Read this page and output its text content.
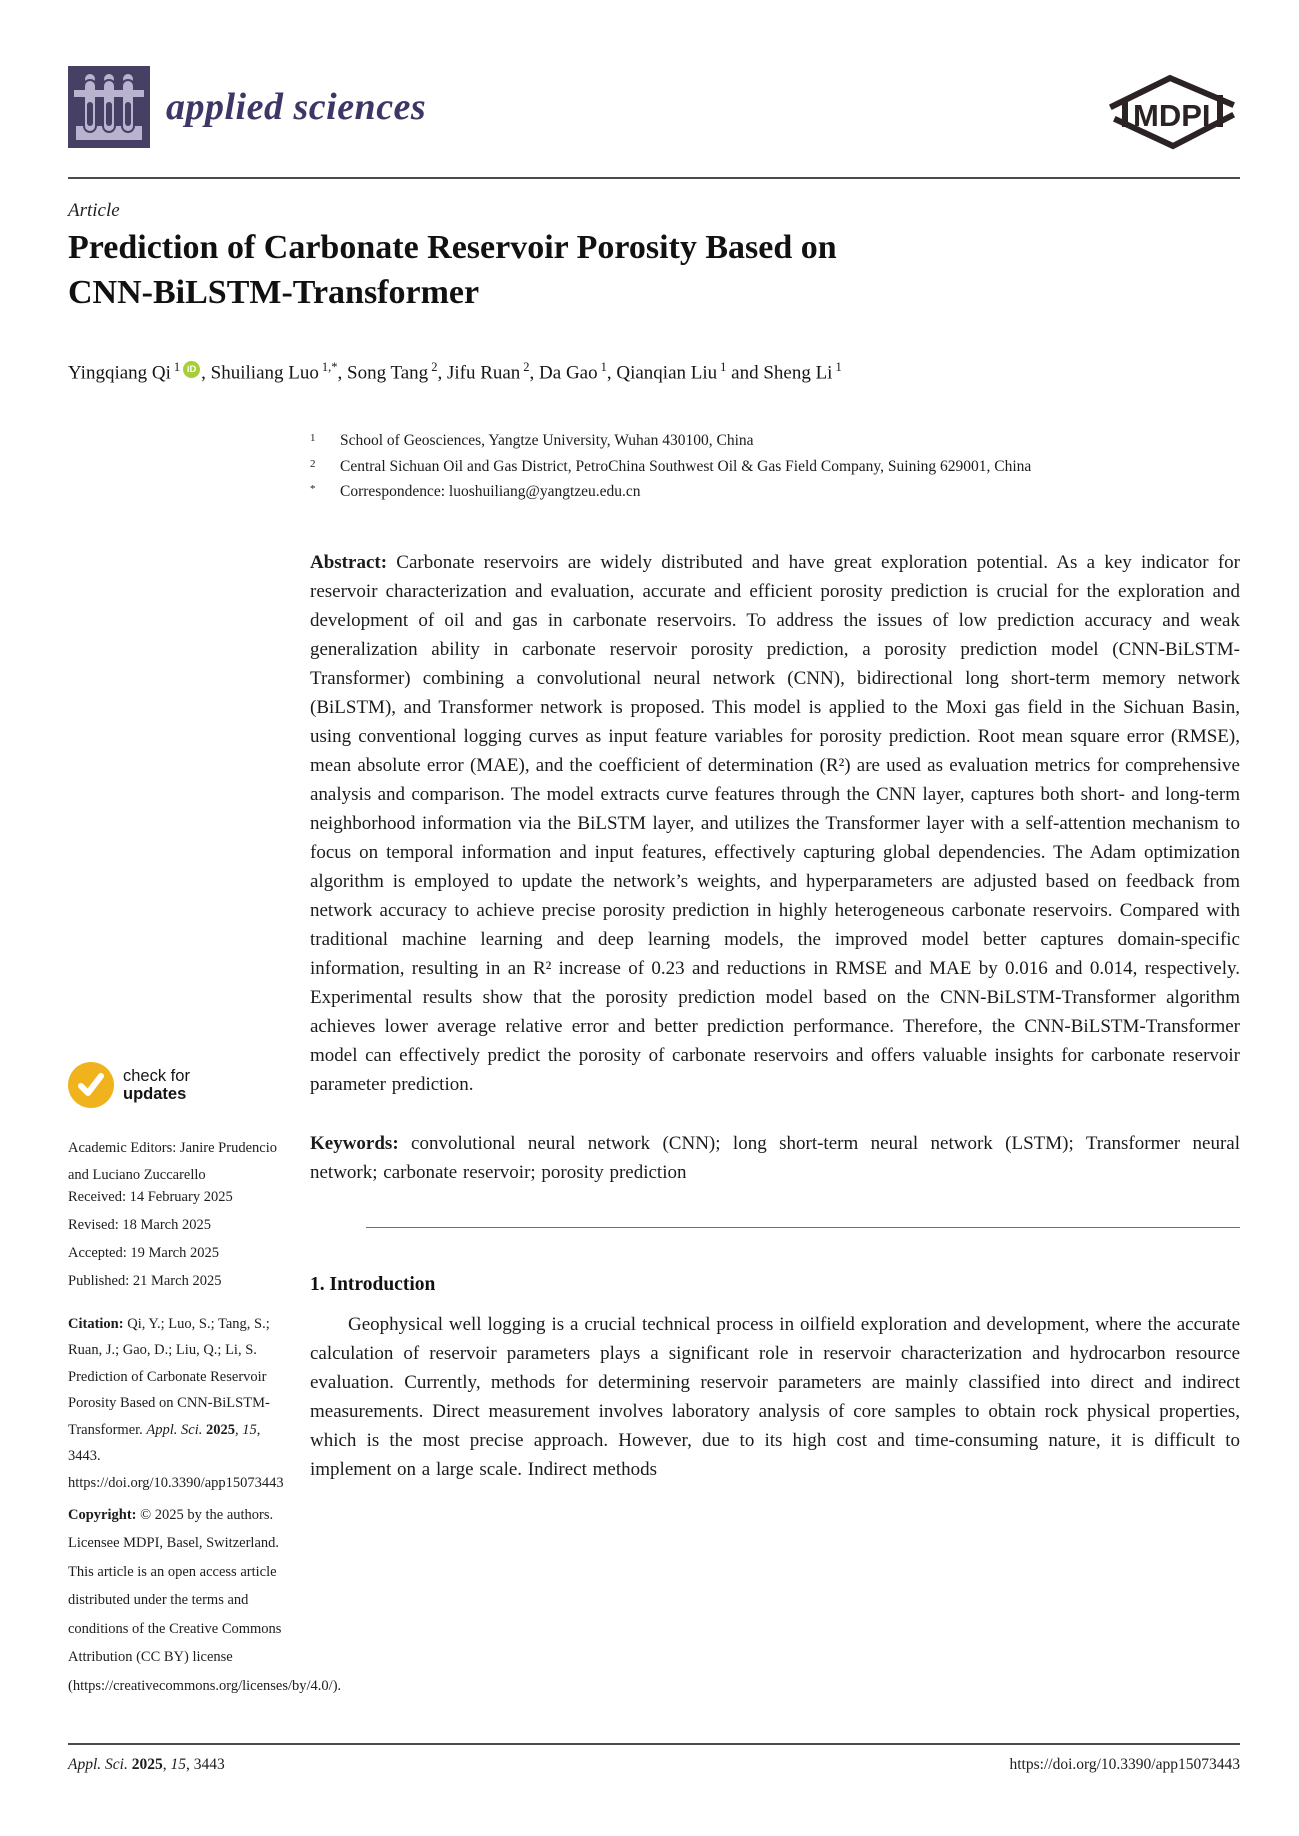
applied sciences	MDPI
Article
Prediction of Carbonate Reservoir Porosity Based on
CNN-BiLSTM-Transformer
Yingqiang Qi $^1$ iD , Shuiliang Luo $^{1,*}$, Song Tang $^2$, Jifu Ruan $^2$, Da Gao $^1$, Qianqian Liu $^1$ and Sheng Li $^1$
1	School of Geosciences, Yangtze University, Wuhan 430100, China
2	Central Sichuan Oil and Gas District, PetroChina Southwest Oil & Gas Field Company, Suining 629001, China
*	Correspondence: luoshuiliang@yangtzeu.edu.cn

Abstract: Carbonate reservoirs are widely distributed and have great exploration potential. As a key indicator for reservoir characterization and evaluation, accurate and efficient porosity prediction is crucial for the exploration and development of oil and gas in carbonate reservoirs. To address the issues of low prediction accuracy and weak generalization ability in carbonate reservoir porosity prediction, a porosity prediction model (CNN-BiLSTM-Transformer) combining a convolutional neural network (CNN), bidirectional long short-term memory network (BiLSTM), and Transformer network is proposed. This model is applied to the Moxi gas field in the Sichuan Basin, using conventional logging curves as input feature variables for porosity prediction. Root mean square error (RMSE), mean absolute error (MAE), and the coefficient of determination (R²) are used as evaluation metrics for comprehensive analysis and comparison. The model extracts curve features through the CNN layer, captures both short- and long-term neighborhood information via the BiLSTM layer, and utilizes the Transformer layer with a self-attention mechanism to focus on temporal information and input features, effectively capturing global dependencies. The Adam optimization algorithm is employed to update the network’s weights, and hyperparameters are adjusted based on feedback from network accuracy to achieve precise porosity prediction in highly heterogeneous carbonate reservoirs. Compared with traditional machine learning and deep learning models, the improved model better captures domain-specific information, resulting in an R² increase of 0.23 and reductions in RMSE and MAE by 0.016 and 0.014, respectively. Experimental results show that the porosity prediction model based on the CNN-BiLSTM-Transformer algorithm achieves lower average relative error and better prediction performance. Therefore, the CNN-BiLSTM-Transformer model can effectively predict the porosity of carbonate reservoirs and offers valuable insights for carbonate reservoir parameter prediction.

Keywords: convolutional neural network (CNN); long short-term neural network (LSTM); Transformer neural network; carbonate reservoir; porosity prediction

1. Introduction

Geophysical well logging is a crucial technical process in oilfield exploration and development, where the accurate calculation of reservoir parameters plays a significant role in reservoir characterization and hydrocarbon resource evaluation. Currently, methods for determining reservoir parameters are mainly classified into direct and indirect measurements. Direct measurement involves laboratory analysis of core samples to obtain rock physical properties, which is the most precise approach. However, due to its high cost and time-consuming nature, it is difficult to implement on a large scale. Indirect methods

check for
updates

Academic Editors: Janire Prudencio and Luciano Zuccarello

Received: 14 February 2025

Revised: 18 March 2025

Accepted: 19 March 2025

Published: 21 March 2025

Citation: Qi, Y.; Luo, S.; Tang, S.; Ruan, J.; Gao, D.; Liu, Q.; Li, S. Prediction of Carbonate Reservoir Porosity Based on CNN-BiLSTM-Transformer. Appl. Sci. 2025, 15, 3443. https://doi.org/10.3390/app15073443

Copyright: © 2025 by the authors. Licensee MDPI, Basel, Switzerland. This article is an open access article distributed under the terms and conditions of the Creative Commons Attribution (CC BY) license (https://creativecommons.org/licenses/by/4.0/).

Appl. Sci. 2025, 15, 3443	https://doi.org/10.3390/app15073443
